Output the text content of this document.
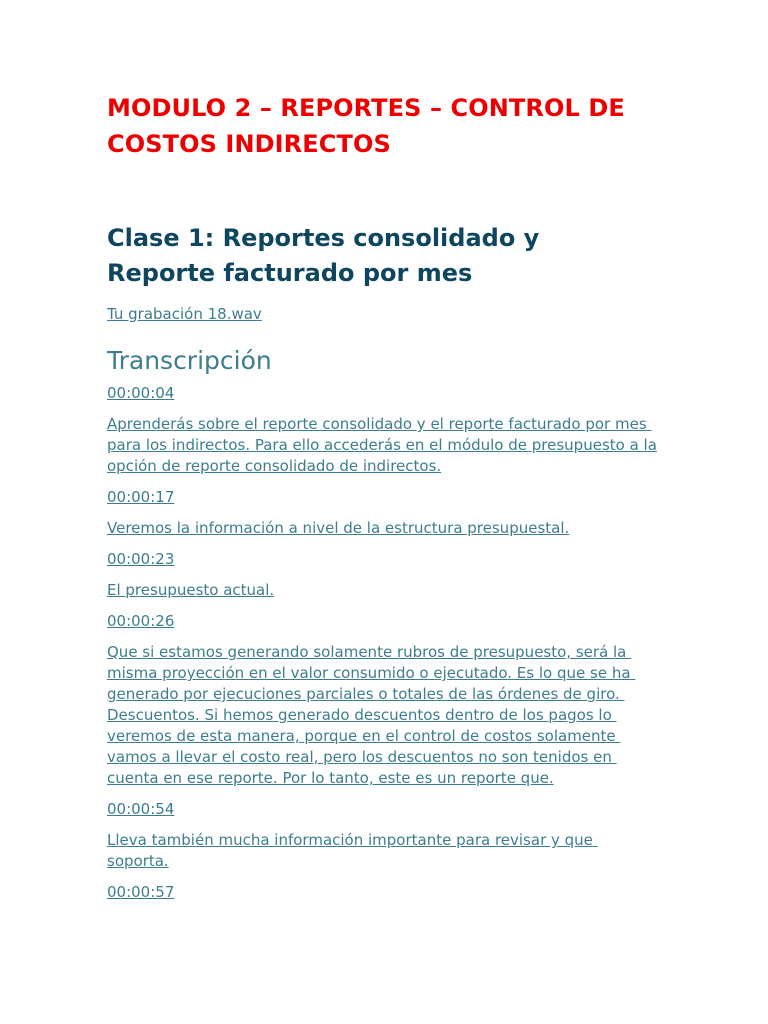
MODULO 2 – REPORTES – CONTROL DE
COSTOS INDIRECTOS
Clase 1: Reportes consolidado y
Reporte facturado por mes
Tu grabación 18.wav
Transcripción
00:00:04
Aprenderás sobre el reporte consolidado y el reporte facturado por mes
para los indirectos. Para ello accederás en el módulo de presupuesto a la
opción de reporte consolidado de indirectos.
00:00:17
Veremos la información a nivel de la estructura presupuestal.
00:00:23
El presupuesto actual.
00:00:26
Que si estamos generando solamente rubros de presupuesto, será la
misma proyección en el valor consumido o ejecutado. Es lo que se ha
generado por ejecuciones parciales o totales de las órdenes de giro.
Descuentos. Si hemos generado descuentos dentro de los pagos lo
veremos de esta manera, porque en el control de costos solamente
vamos a llevar el costo real, pero los descuentos no son tenidos en
cuenta en ese reporte. Por lo tanto, este es un reporte que.
00:00:54
Lleva también mucha información importante para revisar y que
soporta.
00:00:57
